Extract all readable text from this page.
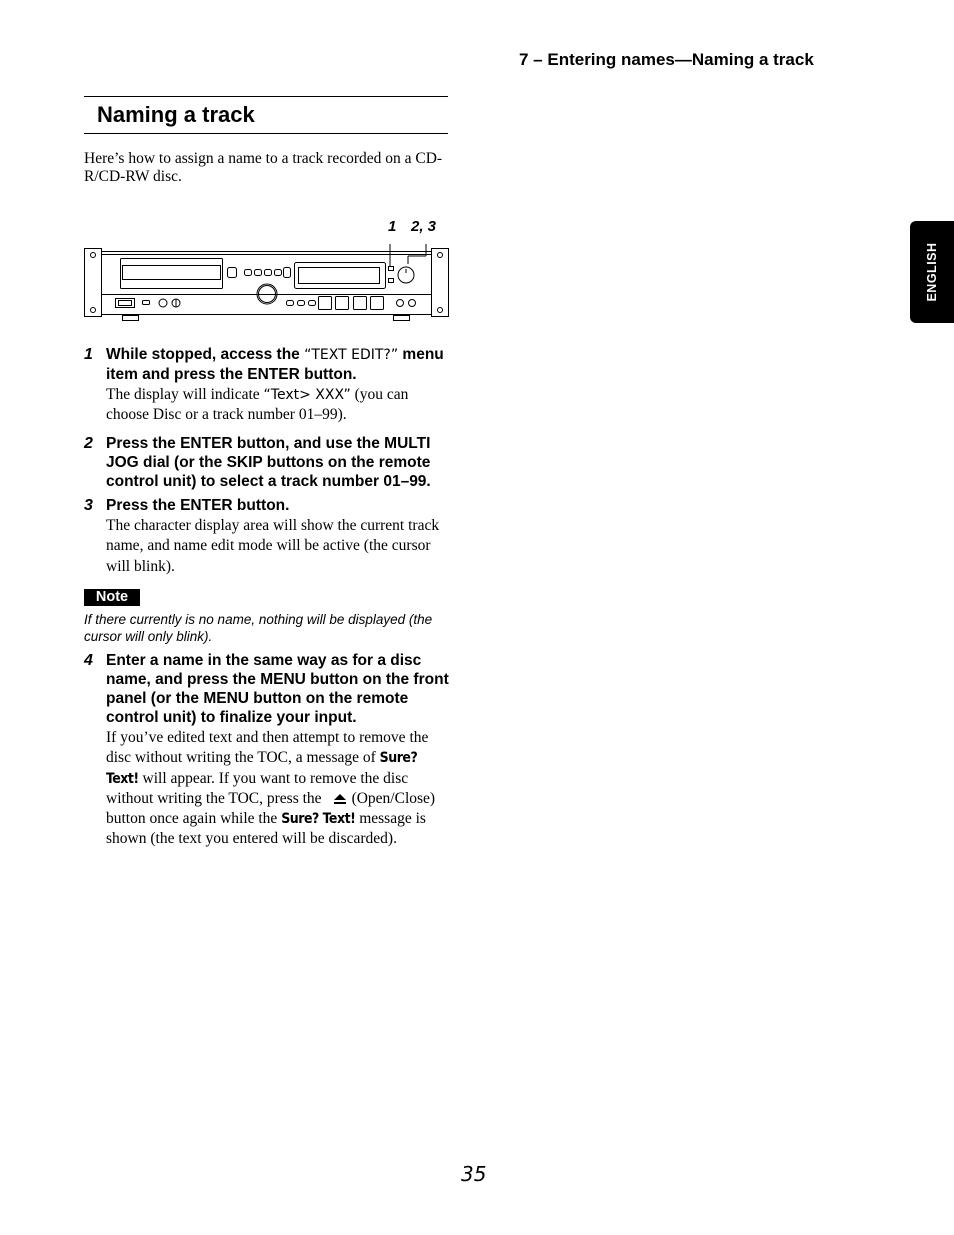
7 – Entering names—Naming a track
Naming a track
Here’s how to assign a name to a track recorded on a CD-R/CD-RW disc.
1 2, 3
1 While stopped, access the “TEXT EDIT?” menu item and press the ENTER button.
The display will indicate “Text> XXX” (you can choose Disc or a track number 01–99).
2 Press the ENTER button, and use the MULTI JOG dial (or the SKIP buttons on the remote control unit) to select a track number 01–99.
3 Press the ENTER button.
The character display area will show the current track name, and name edit mode will be active (the cursor will blink).
Note
If there currently is no name, nothing will be displayed (the cursor will only blink).
4 Enter a name in the same way as for a disc name, and press the MENU button on the front panel (or the MENU button on the remote control unit) to finalize your input.
If you’ve edited text and then attempt to remove the disc without writing the TOC, a message of Sure? Text! will appear. If you want to remove the disc without writing the TOC, press the (Open/Close) button once again while the Sure? Text! message is shown (the text you entered will be discarded).
ENGLISH
35
